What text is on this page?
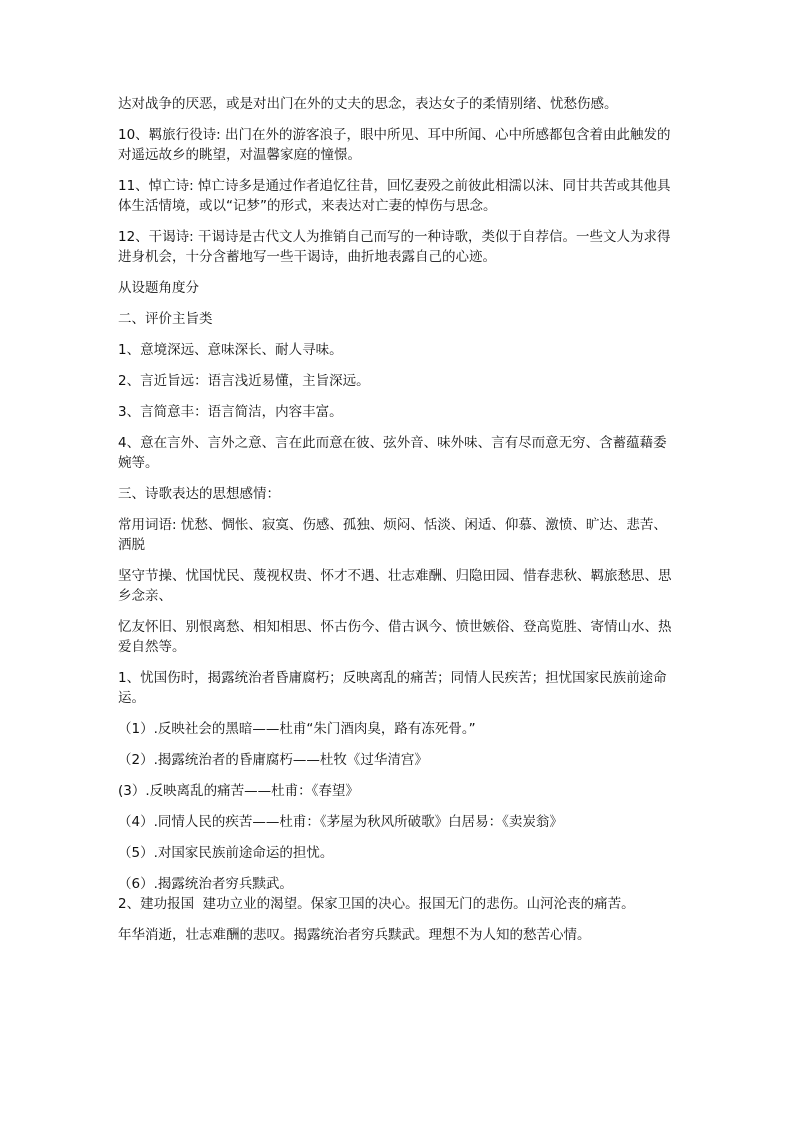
达对战争的厌恶，或是对出门在外的丈夫的思念，表达女子的柔情别绪、忧愁伤感。

10、羁旅行役诗: 出门在外的游客浪子，眼中所见、耳中所闻、心中所感都包含着由此触发的对遥远故乡的眺望，对温馨家庭的憧憬。

11、悼亡诗: 悼亡诗多是通过作者追忆往昔，回忆妻殁之前彼此相濡以沫、同甘共苦或其他具体生活情境，或以“记梦”的形式，来表达对亡妻的悼伤与思念。

12、干谒诗: 干谒诗是古代文人为推销自己而写的一种诗歌，类似于自荐信。一些文人为求得进身机会，十分含蓄地写一些干谒诗，曲折地表露自己的心迹。

从设题角度分

二、评价主旨类

1、意境深远、意味深长、耐人寻味。

2、言近旨远：语言浅近易懂，主旨深远。

3、言简意丰：语言简洁，内容丰富。

4、意在言外、言外之意、言在此而意在彼、弦外音、味外味、言有尽而意无穷、含蓄蕴藉委婉等。

三、诗歌表达的思想感情：

常用词语: 忧愁、惆怅、寂寞、伤感、孤独、烦闷、恬淡、闲适、仰慕、激愤、旷达、悲苦、洒脱

坚守节操、忧国忧民、蔑视权贵、怀才不遇、壮志难酬、归隐田园、惜春悲秋、羁旅愁思、思乡念亲、

忆友怀旧、别恨离愁、相知相思、怀古伤今、借古讽今、愤世嫉俗、登高览胜、寄情山水、热爱自然等。

1、忧国伤时，揭露统治者昏庸腐朽；反映离乱的痛苦；同情人民疾苦；担忧国家民族前途命运。

（1）.反映社会的黑暗——杜甫“朱门酒肉臭，路有冻死骨。”

（2）.揭露统治者的昏庸腐朽——杜牧《过华清宫》

(3）.反映离乱的痛苦——杜甫：《春望》

（4）.同情人民的疾苦——杜甫：《茅屋为秋风所破歌》白居易：《卖炭翁》

（5）.对国家民族前途命运的担忧。

（6）.揭露统治者穷兵黩武。

2、建功报国  建功立业的渴望。保家卫国的决心。报国无门的悲伤。山河沦丧的痛苦。

年华消逝，壮志难酬的悲叹。揭露统治者穷兵黩武。理想不为人知的愁苦心情。
